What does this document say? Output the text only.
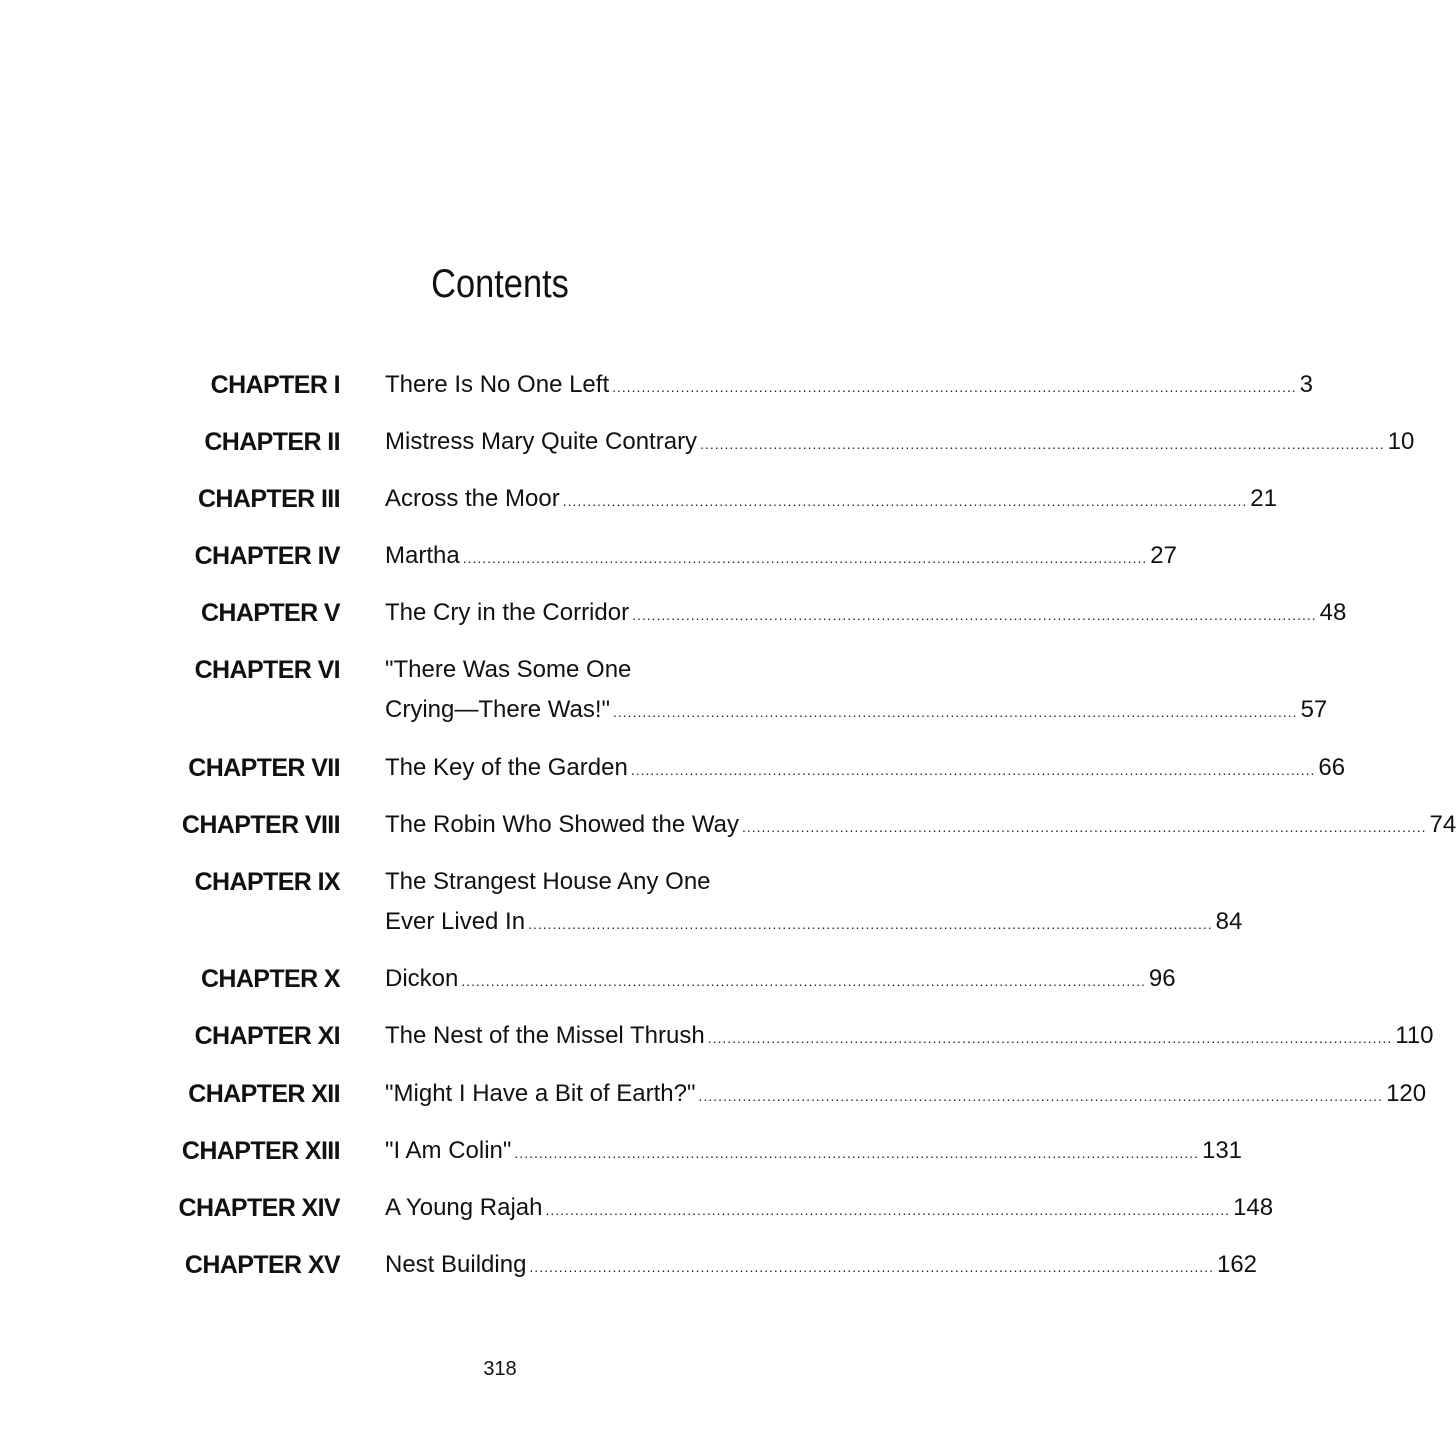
Contents
CHAPTER I There Is No One Left ............................................................................................................................................ 3
CHAPTER II Mistress Mary Quite Contrary ............................................................................................................................................ 10
CHAPTER III Across the Moor ............................................................................................................................................ 21
CHAPTER IV Martha ............................................................................................................................................ 27
CHAPTER V The Cry in the Corridor ............................................................................................................................................ 48
CHAPTER VI "There Was Some One
Crying—There Was!" ............................................................................................................................................ 57
CHAPTER VII The Key of the Garden ............................................................................................................................................ 66
CHAPTER VIII The Robin Who Showed the Way ............................................................................................................................................ 74
CHAPTER IX The Strangest House Any One
Ever Lived In ............................................................................................................................................ 84
CHAPTER X Dickon ............................................................................................................................................ 96
CHAPTER XI The Nest of the Missel Thrush ............................................................................................................................................ 110
CHAPTER XII "Might I Have a Bit of Earth?" ............................................................................................................................................ 120
CHAPTER XIII "I Am Colin" ............................................................................................................................................ 131
CHAPTER XIV A Young Rajah ............................................................................................................................................ 148
CHAPTER XV Nest Building ............................................................................................................................................ 162
318
